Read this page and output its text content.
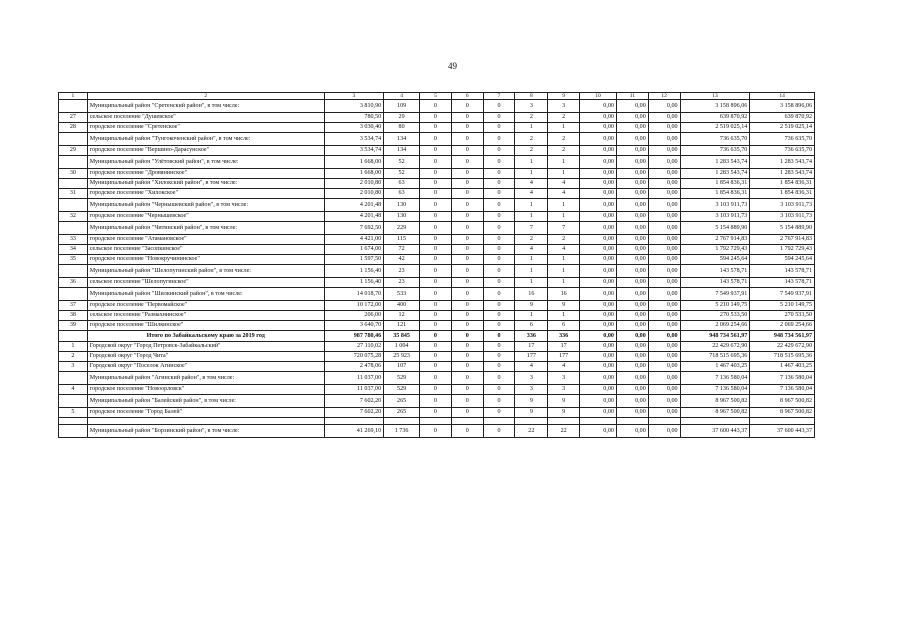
49
1	2	3	4	5	6	7	8	9	10	11	12	13	14
	Муниципальный район "Сретенский район", в том числе:	3 810,90	109	0	0	0	3	3	0,00	0,00	0,00	3 158 896,06	3 158 896,06
27	сельское поселение "Душевское"	780,50	29	0	0	0	2	2	0,00	0,00	0,00	639 870,92	639 870,92
28	городское поселение "Сретенское"	3 030,40	80	0	0	0	1	1	0,00	0,00	0,00	2 519 025,14	2 519 025,14
	Муниципальный район "Тунгокоченский район", в том числе:	3 534,74	134	0	0	0	2	2	0,00	0,00	0,00	736 635,70	736 635,70
29	городское поселение "Вершино-Дарасунское"	3 534,74	134	0	0	0	2	2	0,00	0,00	0,00	736 635,70	736 635,70
	Муниципальный район "Улётовский район", в том числе:	1 668,00	52	0	0	0	1	1	0,00	0,00	0,00	1 283 543,74	1 283 543,74
30	городское поселение "Дровянинское"	1 668,00	52	0	0	0	1	1	0,00	0,00	0,00	1 283 543,74	1 283 543,74
	Муниципальный район "Хилокский район", в том числе:	2 010,80	63	0	0	0	4	4	0,00	0,00	0,00	1 854 836,31	1 854 836,31
31	городское поселение "Хилокское"	2 010,80	63	0	0	0	4	4	0,00	0,00	0,00	1 854 836,31	1 854 836,31
	Муниципальный район "Чернышевский район", в том числе:	4 201,48	130	0	0	0	1	1	0,00	0,00	0,00	3 103 911,73	3 103 911,73
32	городское поселение "Чернышевское"	4 201,48	130	0	0	0	1	1	0,00	0,00	0,00	3 103 911,73	3 103 911,73
	Муниципальный район "Читинский район", в том числе:	7 692,50	229	0	0	0	7	7	0,00	0,00	0,00	5 154 889,90	5 154 889,90
33	городское поселение "Атамановское"	4 421,00	115	0	0	0	2	2	0,00	0,00	0,00	2 767 914,83	2 767 914,83
34	сельское поселение "Засопкинское"	1 674,00	72	0	0	0	4	4	0,00	0,00	0,00	1 792 729,43	1 792 729,43
35	городское поселение "Новокручининское"	1 597,50	42	0	0	0	1	1	0,00	0,00	0,00	594 245,64	594 245,64
	Муниципальный район "Шелопугинский район", в том числе:	1 156,40	23	0	0	0	1	1	0,00	0,00	0,00	143 578,71	143 578,71
36	сельское поселение "Шелопугинское"	1 156,40	23	0	0	0	1	1	0,00	0,00	0,00	143 578,71	143 578,71
	Муниципальный район "Шилкинский район", в том числе:	14 018,70	533	0	0	0	16	16	0,00	0,00	0,00	7 549 937,91	7 549 937,91
37	городское поселение "Первомайское"	10 172,00	400	0	0	0	9	9	0,00	0,00	0,00	5 210 149,75	5 210 149,75
38	сельское поселение "Размахнинское"	206,00	12	0	0	0	1	1	0,00	0,00	0,00	270 533,50	270 533,50
39	городское поселение "Шилкинское"	3 640,70	121	0	0	0	6	6	0,00	0,00	0,00	2 069 254,66	2 069 254,66
	Итого по Забайкальскому краю за 2019 год	987 780,46	35 845	0	0	0	336	336	0,00	0,00	0,00	948 734 561,97	948 734 561,97
1	Городской округ "Город Петровск-Забайкальский"	27 110,02	1 004	0	0	0	17	17	0,00	0,00	0,00	22 429 672,90	22 429 672,90
2	Городской округ "Город Чита"	720 075,28	25 923	0	0	0	177	177	0,00	0,00	0,00	718 515 695,36	718 515 695,36
3	Городской округ "Поселок Агинское"	2 478,06	107	0	0	0	4	4	0,00	0,00	0,00	1 467 403,25	1 467 403,25
	Муниципальный район "Агинский район", в том числе:	11 037,00	529	0	0	0	3	3	0,00	0,00	0,00	7 136 580,04	7 136 580,04
4	городское поселение "Новоорловск"	11 037,00	529	0	0	0	3	3	0,00	0,00	0,00	7 136 580,04	7 136 580,04
	Муниципальный район "Балейский район", в том числе:	7 602,20	265	0	0	0	9	9	0,00	0,00	0,00	8 967 500,82	8 967 500,82
5	городское поселение "Город Балей"	7 602,20	265	0	0	0	9	9	0,00	0,00	0,00	8 967 500,82	8 967 500,82

	Муниципальный район "Борзинский район", в том числе:	41 269,10	1 736	0	0	0	22	22	0,00	0,00	0,00	37 600 443,37	37 600 443,37
